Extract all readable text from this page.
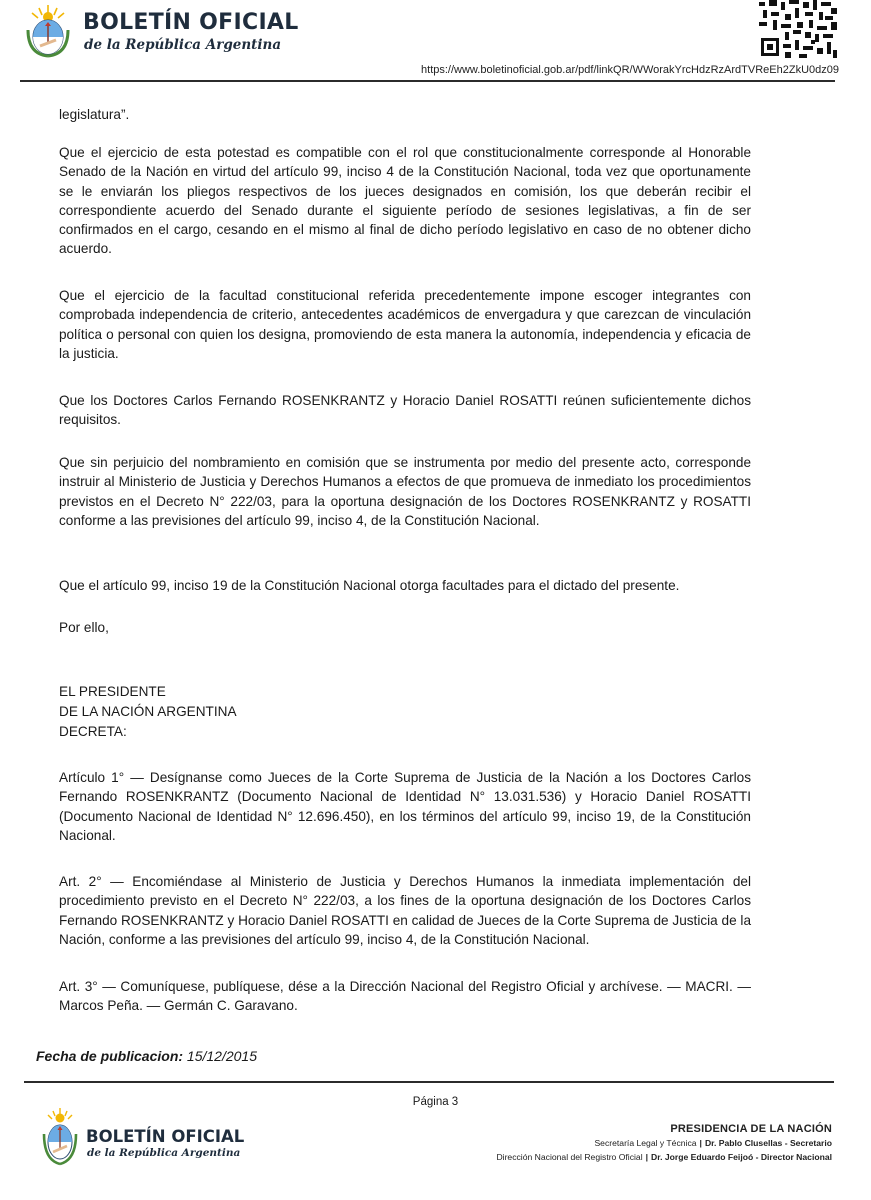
BOLETÍN OFICIAL
de la República Argentina
https://www.boletinoficial.gob.ar/pdf/linkQR/WWorakYrcHdzRzArdTVReEh2ZkU0dz09
legislatura”.
Que el ejercicio de esta potestad es compatible con el rol que constitucionalmente corresponde al Honorable Senado de la Nación en virtud del artículo 99, inciso 4 de la Constitución Nacional, toda vez que oportunamente se le enviarán los pliegos respectivos de los jueces designados en comisión, los que deberán recibir el correspondiente acuerdo del Senado durante el siguiente período de sesiones legislativas, a fin de ser confirmados en el cargo, cesando en el mismo al final de dicho período legislativo en caso de no obtener dicho acuerdo.
Que el ejercicio de la facultad constitucional referida precedentemente impone escoger integrantes con comprobada independencia de criterio, antecedentes académicos de envergadura y que carezcan de vinculación política o personal con quien los designa, promoviendo de esta manera la autonomía, independencia y eficacia de la justicia.
Que los Doctores Carlos Fernando ROSENKRANTZ y Horacio Daniel ROSATTI reúnen suficientemente dichos requisitos.
Que sin perjuicio del nombramiento en comisión que se instrumenta por medio del presente acto, corresponde instruir al Ministerio de Justicia y Derechos Humanos a efectos de que promueva de inmediato los procedimientos previstos en el Decreto N° 222/03, para la oportuna designación de los Doctores ROSENKRANTZ y ROSATTI conforme a las previsiones del artículo 99, inciso 4, de la Constitución Nacional.
Que el artículo 99, inciso 19 de la Constitución Nacional otorga facultades para el dictado del presente.
Por ello,
EL PRESIDENTE
DE LA NACIÓN ARGENTINA
DECRETA:
Artículo 1° — Desígnanse como Jueces de la Corte Suprema de Justicia de la Nación a los Doctores Carlos Fernando ROSENKRANTZ (Documento Nacional de Identidad N° 13.031.536) y Horacio Daniel ROSATTI (Documento Nacional de Identidad N° 12.696.450), en los términos del artículo 99, inciso 19, de la Constitución Nacional.
Art. 2° — Encomiéndase al Ministerio de Justicia y Derechos Humanos la inmediata implementación del procedimiento previsto en el Decreto N° 222/03, a los fines de la oportuna designación de los Doctores Carlos Fernando ROSENKRANTZ y Horacio Daniel ROSATTI en calidad de Jueces de la Corte Suprema de Justicia de la Nación, conforme a las previsiones del artículo 99, inciso 4, de la Constitución Nacional.
Art. 3° — Comuníquese, publíquese, dése a la Dirección Nacional del Registro Oficial y archívese. — MACRI. — Marcos Peña. — Germán C. Garavano.
Fecha de publicacion: 15/12/2015
Página 3
BOLETÍN OFICIAL
de la República Argentina
PRESIDENCIA DE LA NACIÓN
Secretaría Legal y Técnica | Dr. Pablo Clusellas - Secretario
Dirección Nacional del Registro Oficial | Dr. Jorge Eduardo Feijoó - Director Nacional
